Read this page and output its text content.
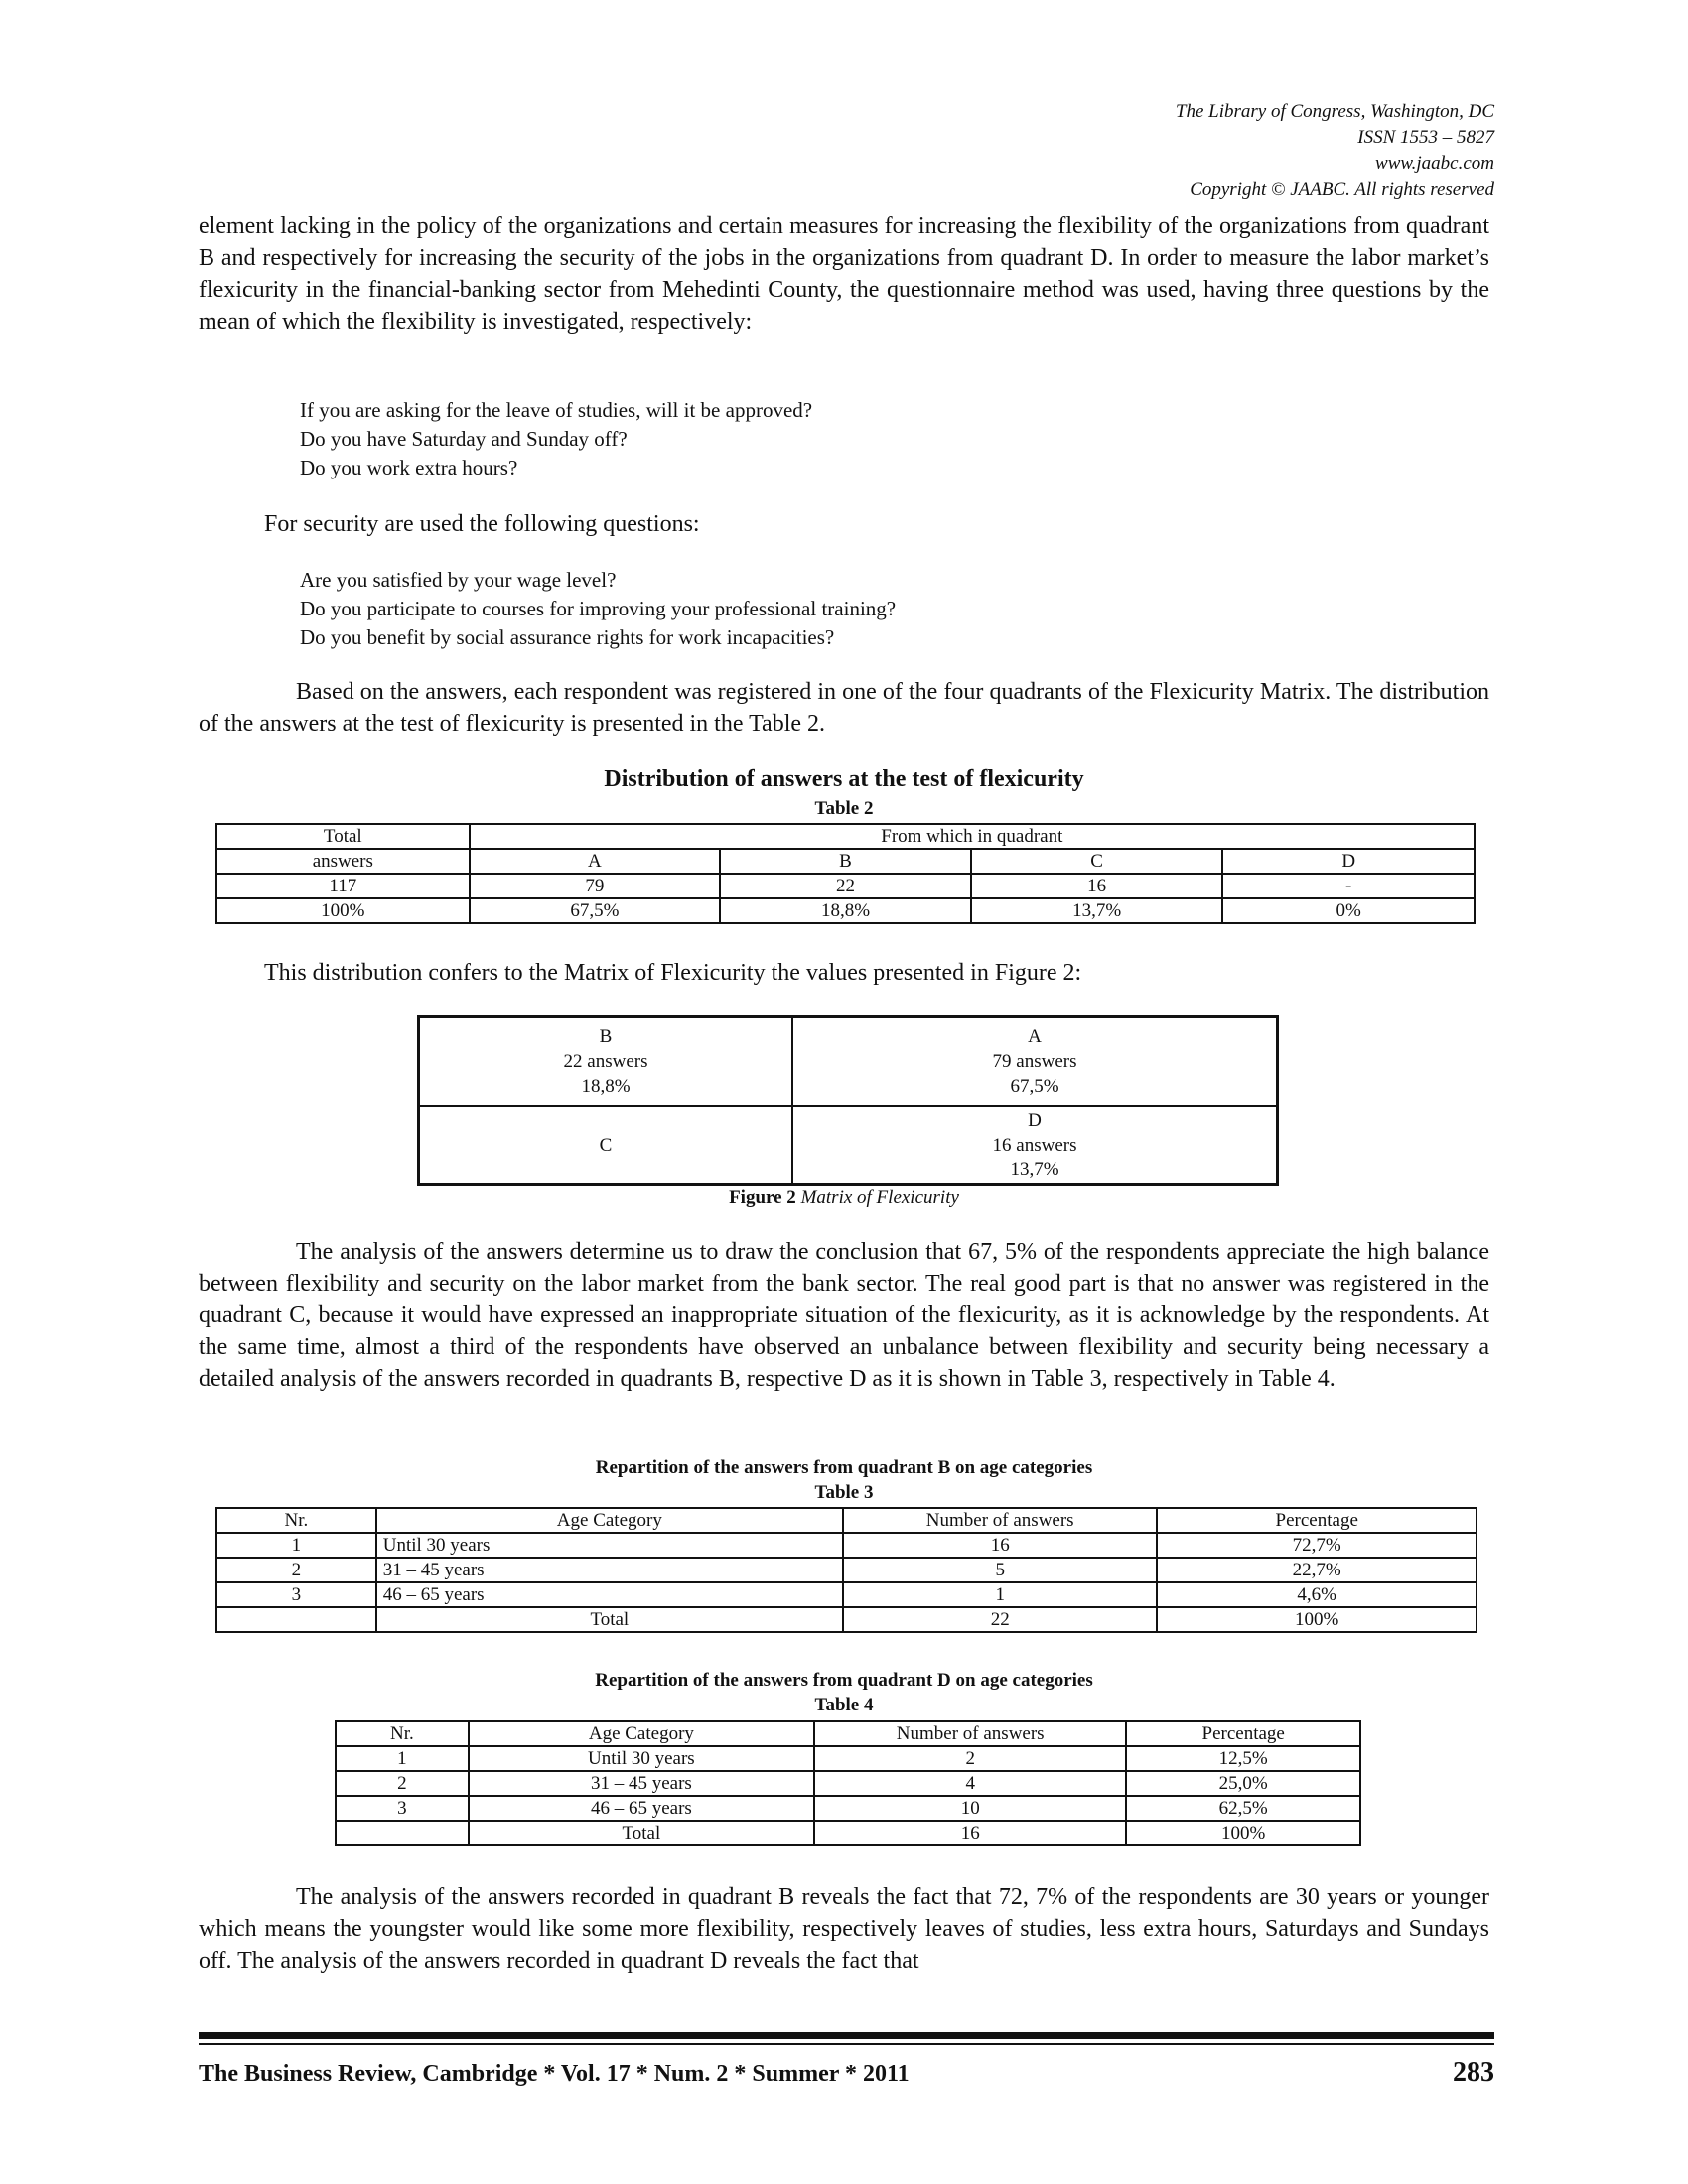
The Library of Congress, Washington, DC
ISSN 1553 – 5827
www.jaabc.com
Copyright © JAABC. All rights reserved

element lacking in the policy of the organizations and certain measures for increasing the flexibility of the organizations from quadrant B and respectively for increasing the security of the jobs in the organizations from quadrant D. In order to measure the labor market’s flexicurity in the financial-banking sector from Mehedinti County, the questionnaire method was used, having three questions by the mean of which the flexibility is investigated, respectively:

If you are asking for the leave of studies, will it be approved?
Do you have Saturday and Sunday off?
Do you work extra hours?

For security are used the following questions:

Are you satisfied by your wage level?
Do you participate to courses for improving your professional training?
Do you benefit by social assurance rights for work incapacities?

Based on the answers, each respondent was registered in one of the four quadrants of the Flexicurity Matrix. The distribution of the answers at the test of flexicurity is presented in the Table 2.

Distribution of answers at the test of flexicurity
Table 2
Total	From which in quadrant			
answers	A	B	C	D
117	79	22	16	-
100%	67,5%	18,8%	13,7%	0%

This distribution confers to the Matrix of Flexicurity the values presented in Figure 2:

B
22 answers
18,8%
A
79 answers
67,5%
C
D
16 answers
13,7%
Figure 2 Matrix of Flexicurity

The analysis of the answers determine us to draw the conclusion that 67, 5% of the respondents appreciate the high balance between flexibility and security on the labor market from the bank sector. The real good part is that no answer was registered in the quadrant C, because it would have expressed an inappropriate situation of the flexicurity, as it is acknowledge by the respondents. At the same time, almost a third of the respondents have observed an unbalance between flexibility and security being necessary a detailed analysis of the answers recorded in quadrants B, respective D as it is shown in Table 3, respectively in Table 4.

Repartition of the answers from quadrant B on age categories
Table 3
Nr.	Age Category	Number of answers	Percentage
1	Until 30 years	16	72,7%
2	31 – 45 years	5	22,7%
3	46 – 65 years	1	4,6%
	Total	22	100%
Repartition of the answers from quadrant D on age categories
Table 4
Nr.	Age Category	Number of answers	Percentage
1	Until 30 years	2	12,5%
2	31 – 45 years	4	25,0%
3	46 – 65 years	10	62,5%
	Total	16	100%

The analysis of the answers recorded in quadrant B reveals the fact that 72, 7% of the respondents are 30 years or younger which means the youngster would like some more flexibility, respectively leaves of studies, less extra hours, Saturdays and Sundays off. The analysis of the answers recorded in quadrant D reveals the fact that

The Business Review, Cambridge * Vol. 17 * Num. 2 * Summer * 2011	283
